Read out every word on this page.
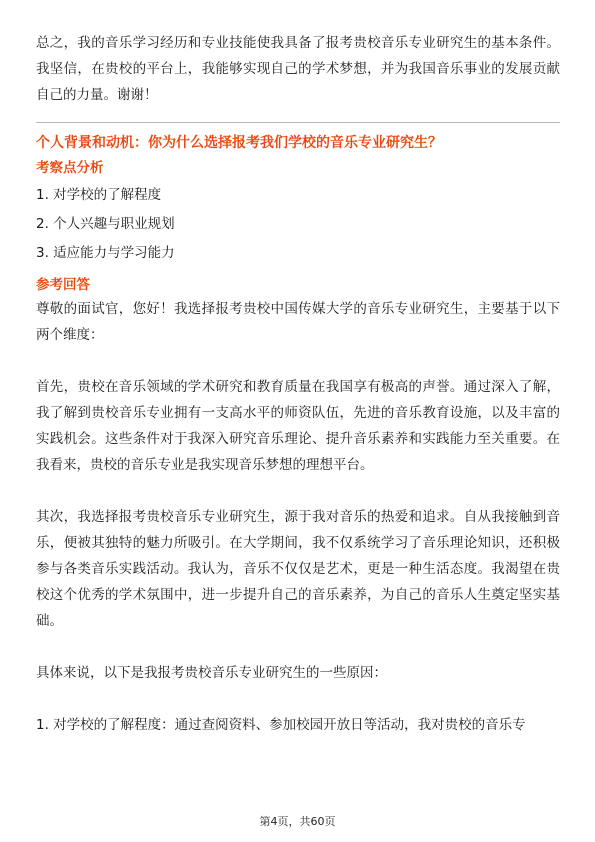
总之，我的音乐学习经历和专业技能使我具备了报考贵校音乐专业研究生的基本条件。我坚信，在贵校的平台上，我能够实现自己的学术梦想，并为我国音乐事业的发展贡献自己的力量。谢谢！

个人背景和动机：你为什么选择报考我们学校的音乐专业研究生？

考察点分析

1. 对学校的了解程度

2. 个人兴趣与职业规划

3. 适应能力与学习能力

参考回答

尊敬的面试官，您好！我选择报考贵校中国传媒大学的音乐专业研究生，主要基于以下两个维度：

首先，贵校在音乐领域的学术研究和教育质量在我国享有极高的声誉。通过深入了解，我了解到贵校音乐专业拥有一支高水平的师资队伍，先进的音乐教育设施，以及丰富的实践机会。这些条件对于我深入研究音乐理论、提升音乐素养和实践能力至关重要。在我看来，贵校的音乐专业是我实现音乐梦想的理想平台。

其次，我选择报考贵校音乐专业研究生，源于我对音乐的热爱和追求。自从我接触到音乐，便被其独特的魅力所吸引。在大学期间，我不仅系统学习了音乐理论知识，还积极参与各类音乐实践活动。我认为，音乐不仅仅是艺术，更是一种生活态度。我渴望在贵校这个优秀的学术氛围中，进一步提升自己的音乐素养，为自己的音乐人生奠定坚实基础。

具体来说，以下是我报考贵校音乐专业研究生的一些原因：

1. 对学校的了解程度：通过查阅资料、参加校园开放日等活动，我对贵校的音乐专

第4页，共60页
